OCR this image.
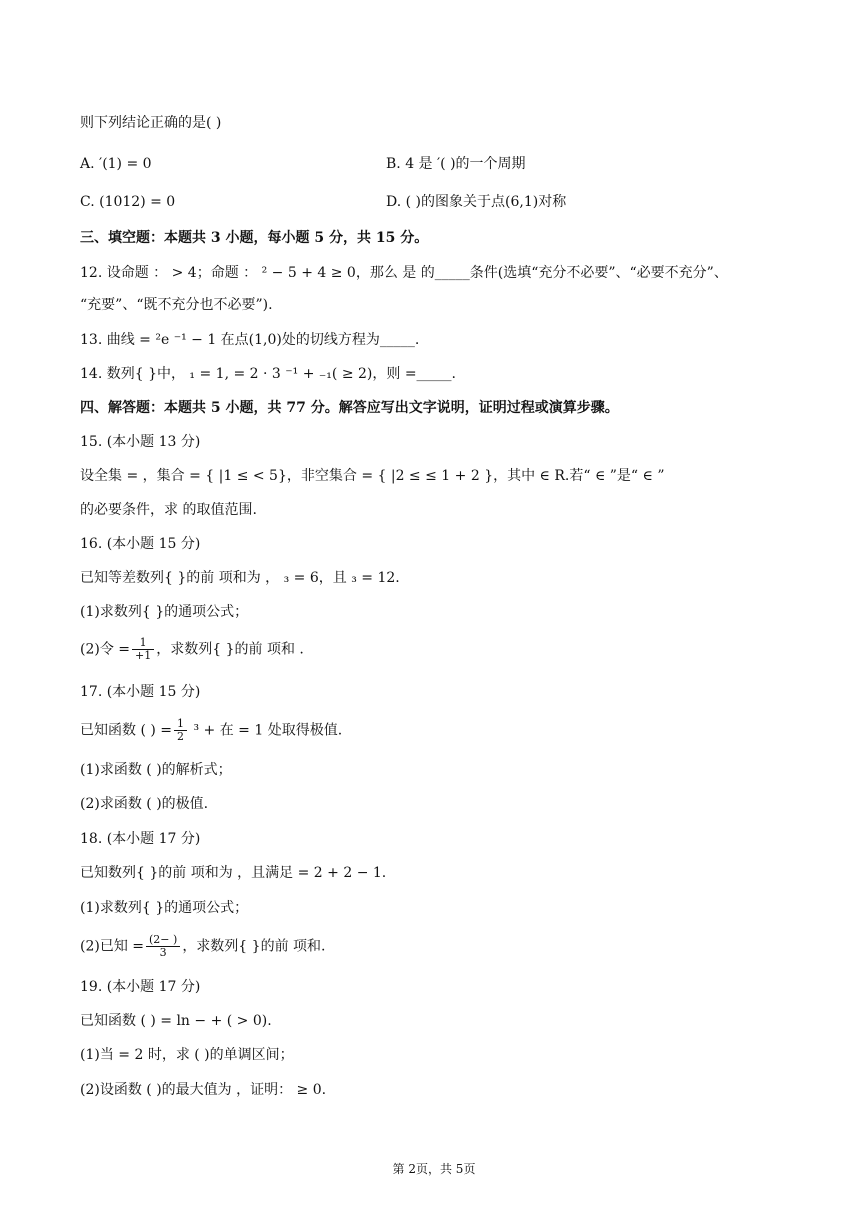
则下列结论正确的是( )
A. ′(1) = 0	B. 4 是 ′( )的一个周期
C. (1012) = 0	D. ( )的图象关于点(6,1)对称
三、填空题：本题共 3 小题，每小题 5 分，共 15 分。
12. 设命题 ： > 4；命题 ： ² − 5 + 4 ≥ 0，那么 是 的_____条件(选填“充分不必要”、“必要不充分”、
“充要”、“既不充分也不必要”).
13. 曲线 = ²e ⁻¹ − 1 在点(1,0)处的切线方程为_____.
14. 数列{ }中， ₁ = 1, = 2 · 3 ⁻¹ + ₋₁( ≥ 2)，则 =_____.
四、解答题：本题共 5 小题，共 77 分。解答应写出文字说明，证明过程或演算步骤。
15. (本小题 13 分)
设全集 = ，集合 = { |1 ≤ < 5}，非空集合 = { |2 ≤ ≤ 1 + 2 }，其中 ∈ R.若“ ∈ ”是“ ∈ ”
的必要条件，求 的取值范围.
16. (本小题 15 分)
已知等差数列{ }的前 项和为 ， ₃ = 6，且 ₃ = 12.
(1)求数列{ }的通项公式；
(2)令 = $\frac{1}{+1}$ ，求数列{ }的前 项和 .
17. (本小题 15 分)
已知函数 ( ) = $\frac{1}{2} ^3$ + 在 = 1 处取得极值.
(1)求函数 ( )的解析式；
(2)求函数 ( )的极值.
18. (本小题 17 分)
已知数列{ }的前 项和为 ，且满足 = 2 + 2 − 1.
(1)求数列{ }的通项公式；
(2)已知 = $\frac{(2- )}{3}$ ，求数列{ }的前 项和.
19. (本小题 17 分)
已知函数 ( ) = ln − + ( > 0).
(1)当 = 2 时，求 ( )的单调区间；
(2)设函数 ( )的最大值为 ，证明： ≥ 0.
第 2页，共 5页
